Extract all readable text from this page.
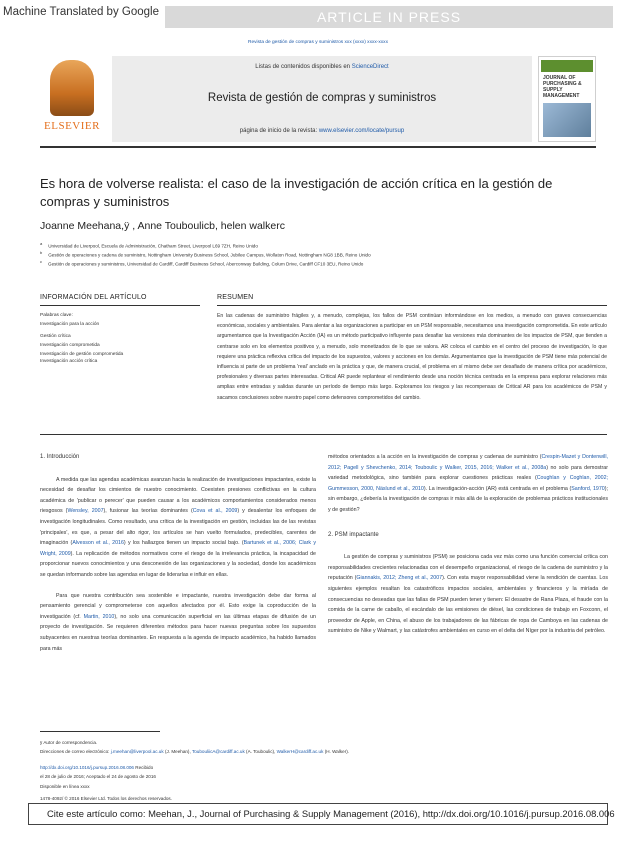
Machine Translated by Google	ARTICLE IN PRESS
Revista de gestión de compras y suministros xxx (xxxx) xxxx-xxxx
ELSEVIER
Listas de contenidos disponibles en ScienceDirect
Revista de gestión de compras y suministros
página de inicio de la revista: www.elsevier.com/locate/pursup
JOURNAL OF PURCHASING & SUPPLY MANAGEMENT
Es hora de volverse realista: el caso de la investigación de acción crítica en la gestión de compras y suministros
Joanne Meehana,ÿ , Anne Touboulicb, helen walkerc
$^a$Universidad de Liverpool, Escuela de Administración, Chatham Street, Liverpool L69 7ZH, Reino Unido
$^b$Gestión de operaciones y cadena de suministro, Nottingham University Business School, Jubilee Campus, Wollaton Road, Nottingham NG8 1BB, Reino Unido
$^c$Gestión de operaciones y suministros, Universidad de Cardiff, Cardiff Business School, Aberconway Building, Colum Drive, Cardiff CF10 3EU, Reino Unido
INFORMACIÓN DEL ARTÍCULO
Palabras clave:
Investigación para la acción
Gestión crítica
Investigación comprometida
Investigación de gestión comprometida
Investigación acción crítica
RESUMEN
En las cadenas de suministro frágiles y, a menudo, complejas, los fallos de PSM continúan informándose en los medios, a menudo con graves consecuencias económicas, sociales y ambientales. Para alentar a las organizaciones a participar en un PSM responsable, necesitamos una investigación comprometida. En este artículo argumentamos que la Investigación Acción (IA) es un método participativo influyente para desafiar las versiones más dominantes de los impactos de PSM, que tienden a centrarse solo en los elementos positivos y, a menudo, solo monetizados de lo que se valora. AR coloca el cambio en el centro del proceso de investigación, lo que requiere una práctica reflexiva crítica del impacto de los supuestos, valores y acciones en los demás. Argumentamos que la investigación de PSM tiene más potencial de influencia si parte de un problema 'real' anclado en la práctica y que, de manera crucial, el problema en sí mismo debe ser desafiado de manera crítica por académicos, profesionales y diversas partes interesadas. Critical AR puede replantear el rendimiento desde una noción técnica centrada en la empresa para explorar relaciones más amplias entre entradas y salidas durante un período de tiempo más largo. Exploramos los riesgos y las recompensas de Critical AR para los académicos de PSM y sacamos conclusiones sobre nuestro papel como defensores comprometidos del cambio.
1. Introducción

A medida que las agendas académicas avanzan hacia la realización de investigaciones impactantes, existe la necesidad de desafiar los cimientos de nuestro conocimiento. Coexisten presiones conflictivas en la cultura académica de 'publicar o perecer' que pueden causar a los académicos comportamientos considerados menos riesgosos (Wensley, 2007), fusionar las teorías dominantes (Cova et al., 2009) y desalentar los enfoques de investigación longitudinales. Como resultado, una crítica de la investigación en gestión, incluidas las de las revistas 'principales', es que, a pesar del alto rigor, los artículos se han vuelto formulados, predecibles, carentes de imaginación (Alvesson et al., 2016) y los hallazgos tienen un impacto social bajo. (Bartunek et al., 2006; Clark y Wright, 2009). La replicación de métodos normativos corre el riesgo de la irrelevancia práctica, la incapacidad de proporcionar nuevos conocimientos y una desconexión de las organizaciones y la sociedad, donde los académicos se quedan informando sobre las agendas en lugar de liderarlas e influir en ellas.

Para que nuestra contribución sea sostenible e impactante, nuestra investigación debe dar forma al pensamiento gerencial y comprometerse con aquellos afectados por él. Esto exige la coproducción de la investigación (cf. Martin, 2010), no solo una comunicación superficial en las últimas etapas de difusión de un proyecto de investigación. Se requieren diferentes métodos para hacer nuevas preguntas sobre los supuestos subyacentes en nuestras teorías dominantes. En respuesta a la agenda de impacto académico, ha habido llamados para más

métodos orientados a la acción en la investigación de compras y cadenas de suministro (Crespin-Mazet y Dontenwill, 2012; Pagell y Shevchenko, 2014; Touboulic y Walker, 2015, 2016; Walker et al., 2008a) no solo para demostrar variedad metodológica, sino también para explorar cuestiones prácticas reales (Coughlan y Coghlan, 2002; Gummesson, 2000, Näslund et al., 2010). La investigación-acción (AR) está centrada en el problema (Sanford, 1970); sin embargo, ¿debería la investigación de compras ir más allá de la exploración de problemas prácticos institucionales y de gestión?

2. PSM impactante

La gestión de compras y suministros (PSM) se posiciona cada vez más como una función comercial crítica con responsabilidades crecientes relacionadas con el desempeño organizacional, el riesgo de la cadena de suministro y la reputación (Giannakis, 2012; Zheng et al., 2007). Con esta mayor responsabilidad viene la rendición de cuentas. Los siguientes ejemplos resaltan los catastróficos impactos sociales, ambientales y financieros y la miríada de consecuencias no deseadas que las fallas de PSM pueden tener y tienen: El desastre de Rana Plaza, el fraude con la comida de la carne de caballo, el escándalo de las emisiones de diésel, las condiciones de trabajo en Foxconn, el proveedor de Apple, en China, el abuso de los trabajadores de las fábricas de ropa de Camboya en las cadenas de suministro de Nike y Walmart, y las catástrofes ambientales en curso en el delta del Níger por la industria del petróleo.

ÿ Autor de correspondencia.
Direcciones de correo electrónico: j.meehan@liverpool.ac.uk (J. Meehan), ToubouliicA@cardiff.ac.uk (A. Touboulic), WalkerH@cardiff.ac.uk (H. Walker).
http://dx.doi.org/10.1016/j.pursup.2016.08.006 Recibido
el 28 de julio de 2016; Aceptado el 24 de agosto de 2016
Disponible en línea xxxx
1478-4092/ © 2016 Elsevier Ltd. Todos los derechos reservados.
Cite este artículo como: Meehan, J., Journal of Purchasing & Supply Management (2016), http://dx.doi.org/10.1016/j.pursup.2016.08.006
